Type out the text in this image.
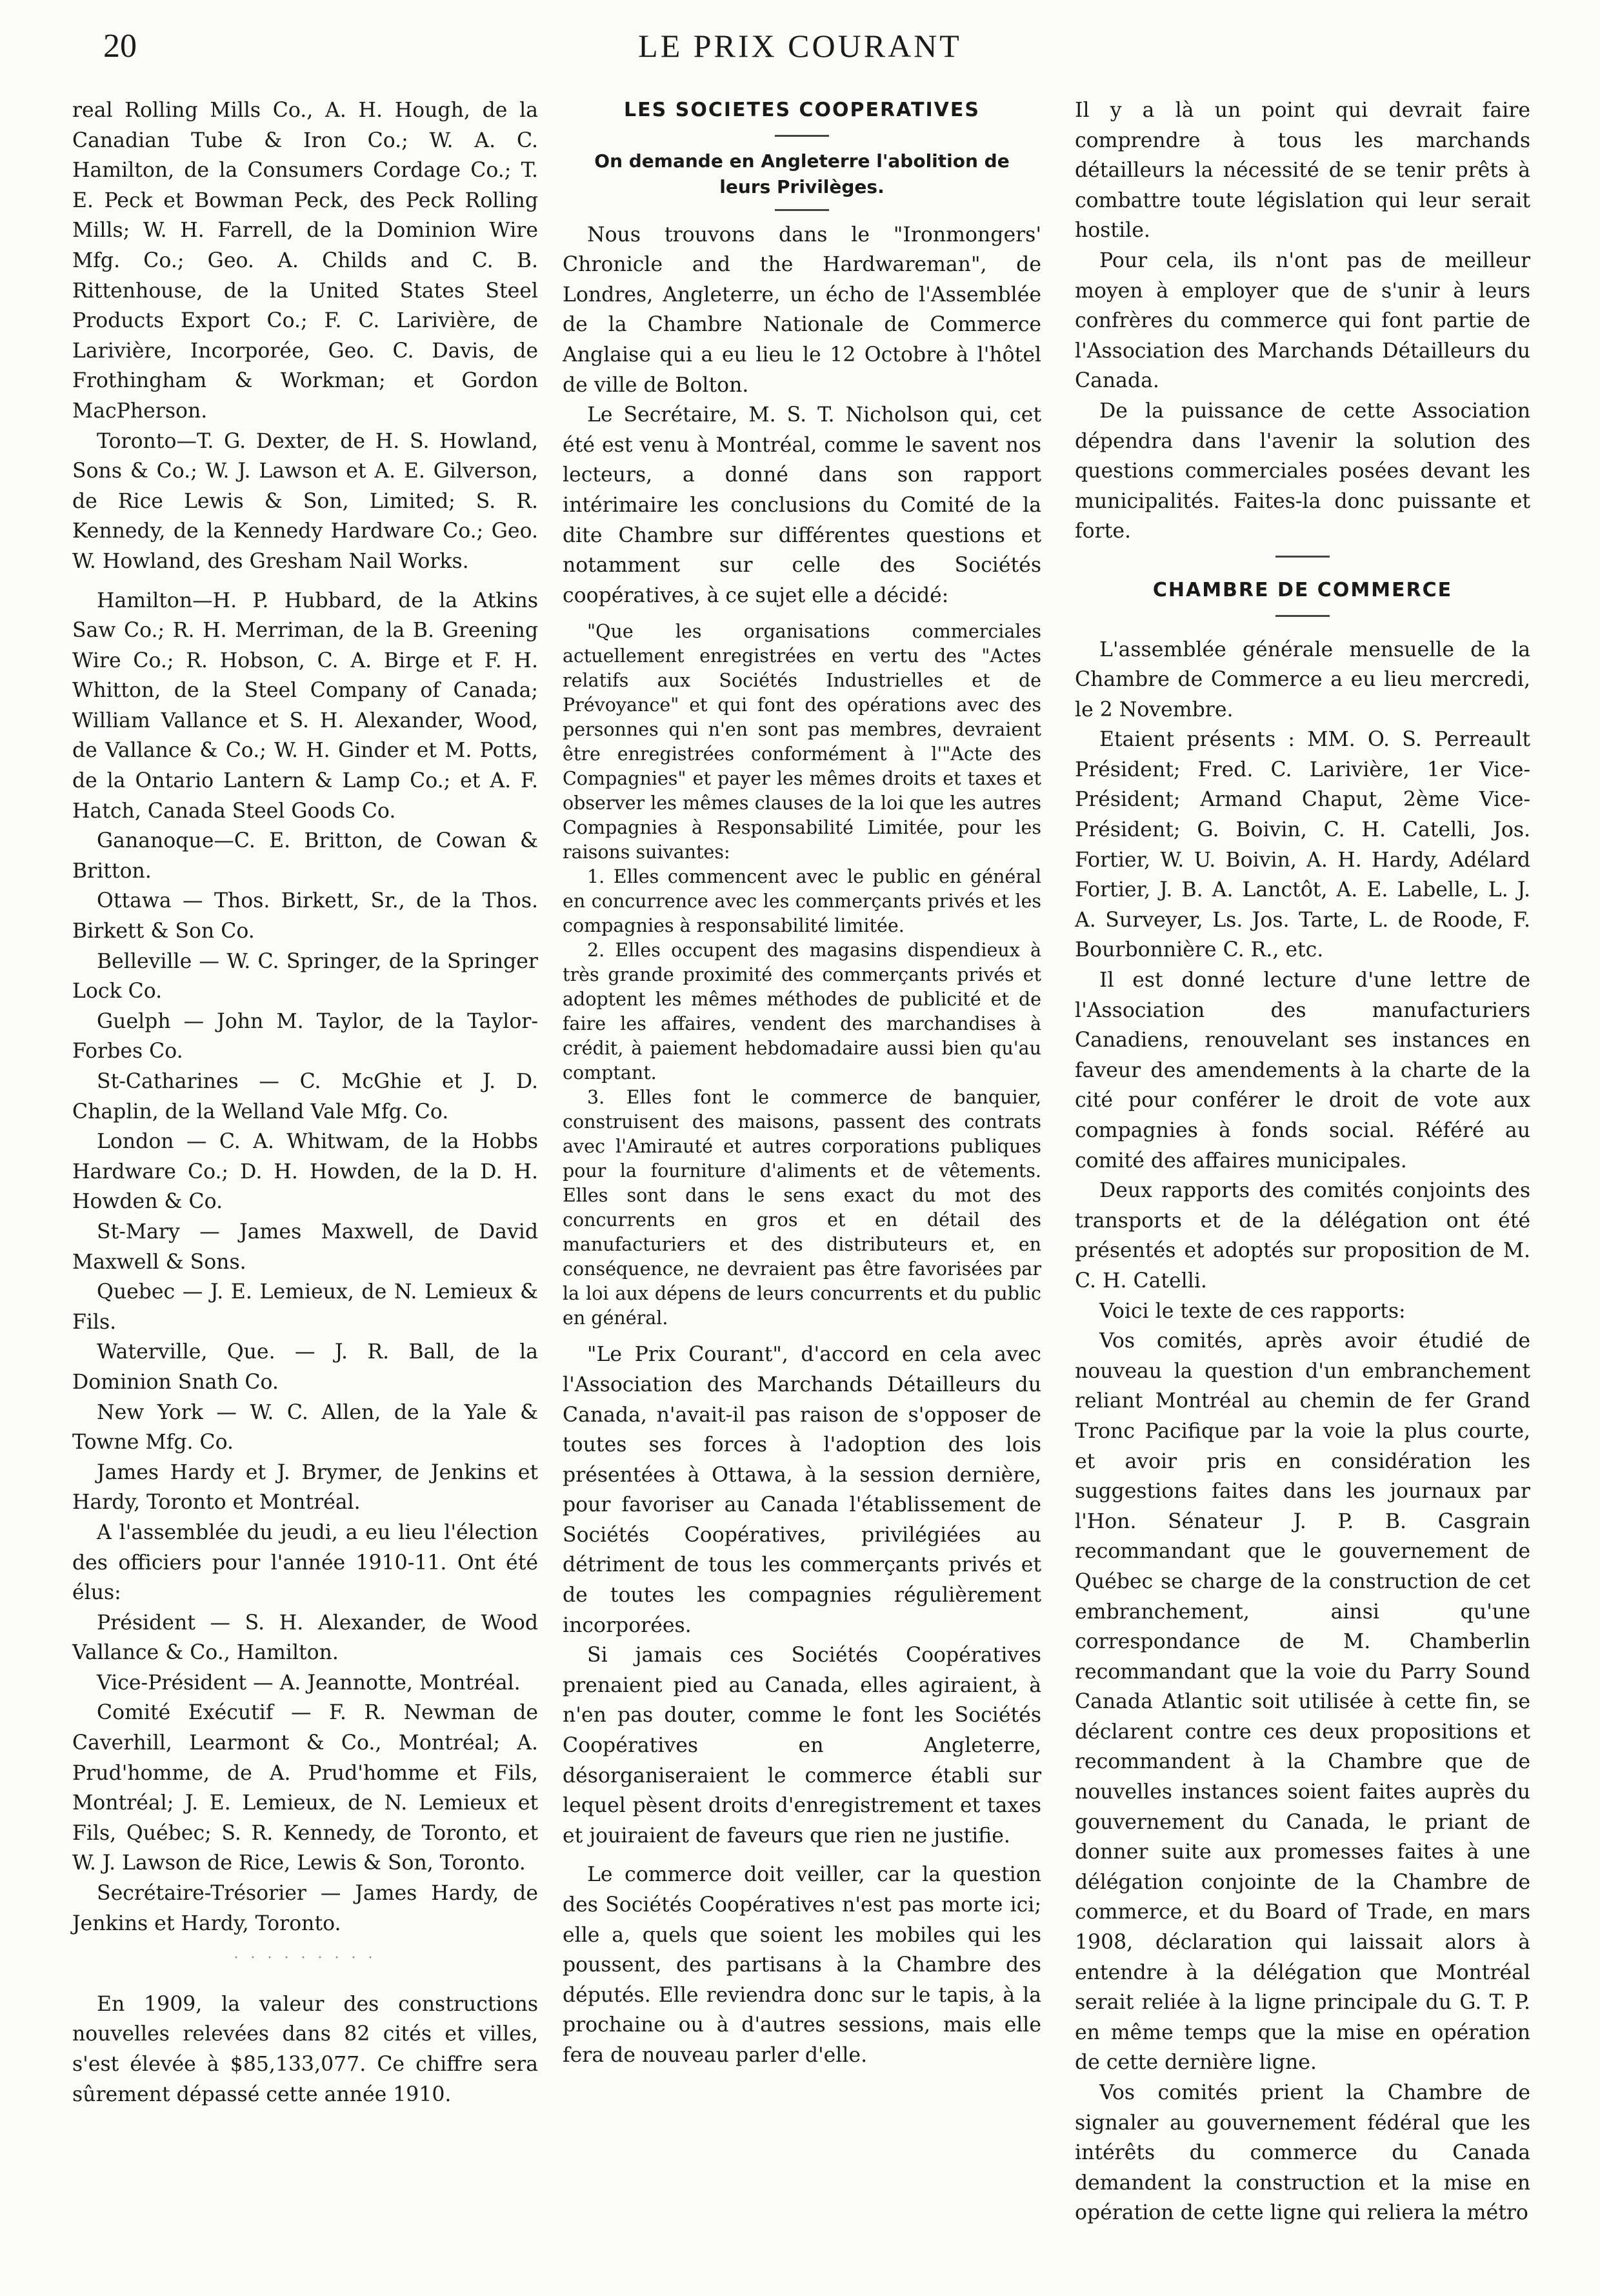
20	LE PRIX COURANT

real Rolling Mills Co., A. H. Hough, de la Canadian Tube & Iron Co.; W. A. C. Hamilton, de la Consumers Cordage Co.; T. E. Peck et Bowman Peck, des Peck Rolling Mills; W. H. Farrell, de la Dominion Wire Mfg. Co.; Geo. A. Childs and C. B. Rittenhouse, de la United States Steel Products Export Co.; F. C. Larivière, de Larivière, Incorporée, Geo. C. Davis, de Frothingham & Workman; et Gordon MacPherson.

Toronto—T. G. Dexter, de H. S. Howland, Sons & Co.; W. J. Lawson et A. E. Gilverson, de Rice Lewis & Son, Limited; S. R. Kennedy, de la Kennedy Hardware Co.; Geo. W. Howland, des Gresham Nail Works.

Hamilton—H. P. Hubbard, de la Atkins Saw Co.; R. H. Merriman, de la B. Greening Wire Co.; R. Hobson, C. A. Birge et F. H. Whitton, de la Steel Company of Canada; William Vallance et S. H. Alexander, Wood, de Vallance & Co.; W. H. Ginder et M. Potts, de la Ontario Lantern & Lamp Co.; et A. F. Hatch, Canada Steel Goods Co.

Gananoque—C. E. Britton, de Cowan & Britton.

Ottawa — Thos. Birkett, Sr., de la Thos. Birkett & Son Co.

Belleville — W. C. Springer, de la Springer Lock Co.

Guelph — John M. Taylor, de la Taylor-Forbes Co.

St-Catharines — C. McGhie et J. D. Chaplin, de la Welland Vale Mfg. Co.

London — C. A. Whitwam, de la Hobbs Hardware Co.; D. H. Howden, de la D. H. Howden & Co.

St-Mary — James Maxwell, de David Maxwell & Sons.

Quebec — J. E. Lemieux, de N. Lemieux & Fils.

Waterville, Que. — J. R. Ball, de la Dominion Snath Co.

New York — W. C. Allen, de la Yale & Towne Mfg. Co.

James Hardy et J. Brymer, de Jenkins et Hardy, Toronto et Montréal.

A l'assemblée du jeudi, a eu lieu l'élection des officiers pour l'année 1910-11. Ont été élus:

Président — S. H. Alexander, de Wood Vallance & Co., Hamilton.

Vice-Président — A. Jeannotte, Montréal.

Comité Exécutif — F. R. Newman de Caverhill, Learmont & Co., Montréal; A. Prud'homme, de A. Prud'homme et Fils, Montréal; J. E. Lemieux, de N. Lemieux et Fils, Québec; S. R. Kennedy, de Toronto, et W. J. Lawson de Rice, Lewis & Son, Toronto.

Secrétaire-Trésorier — James Hardy, de Jenkins et Hardy, Toronto.

· · · · · · · · ·

En 1909, la valeur des constructions nouvelles relevées dans 82 cités et villes, s'est élevée à $85,133,077. Ce chiffre sera sûrement dépassé cette année 1910.

LES SOCIETES COOPERATIVES
On demande en Angleterre l'abolition de leurs Privilèges.

Nous trouvons dans le "Ironmongers' Chronicle and the Hardwareman", de Londres, Angleterre, un écho de l'Assemblée de la Chambre Nationale de Commerce Anglaise qui a eu lieu le 12 Octobre à l'hôtel de ville de Bolton.

Le Secrétaire, M. S. T. Nicholson qui, cet été est venu à Montréal, comme le savent nos lecteurs, a donné dans son rapport intérimaire les conclusions du Comité de la dite Chambre sur différentes questions et notamment sur celle des Sociétés coopératives, à ce sujet elle a décidé:

"Que les organisations commerciales actuellement enregistrées en vertu des "Actes relatifs aux Sociétés Industrielles et de Prévoyance" et qui font des opérations avec des personnes qui n'en sont pas membres, devraient être enregistrées conformément à l'"Acte des Compagnies" et payer les mêmes droits et taxes et observer les mêmes clauses de la loi que les autres Compagnies à Responsabilité Limitée, pour les raisons suivantes:

1. Elles commencent avec le public en général en concurrence avec les commerçants privés et les compagnies à responsabilité limitée.

2. Elles occupent des magasins dispendieux à très grande proximité des commerçants privés et adoptent les mêmes méthodes de publicité et de faire les affaires, vendent des marchandises à crédit, à paiement hebdomadaire aussi bien qu'au comptant.

3. Elles font le commerce de banquier, construisent des maisons, passent des contrats avec l'Amirauté et autres corporations publiques pour la fourniture d'aliments et de vêtements. Elles sont dans le sens exact du mot des concurrents en gros et en détail des manufacturiers et des distributeurs et, en conséquence, ne devraient pas être favorisées par la loi aux dépens de leurs concurrents et du public en général.

"Le Prix Courant", d'accord en cela avec l'Association des Marchands Détailleurs du Canada, n'avait-il pas raison de s'opposer de toutes ses forces à l'adoption des lois présentées à Ottawa, à la session dernière, pour favoriser au Canada l'établissement de Sociétés Coopératives, privilégiées au détriment de tous les commerçants privés et de toutes les compagnies régulièrement incorporées.

Si jamais ces Sociétés Coopératives prenaient pied au Canada, elles agiraient, à n'en pas douter, comme le font les Sociétés Coopératives en Angleterre, désorganiseraient le commerce établi sur lequel pèsent droits d'enregistrement et taxes et jouiraient de faveurs que rien ne justifie.

Le commerce doit veiller, car la question des Sociétés Coopératives n'est pas morte ici; elle a, quels que soient les mobiles qui les poussent, des partisans à la Chambre des députés. Elle reviendra donc sur le tapis, à la prochaine ou à d'autres sessions, mais elle fera de nouveau parler d'elle.

Il y a là un point qui devrait faire comprendre à tous les marchands détailleurs la nécessité de se tenir prêts à combattre toute législation qui leur serait hostile.

Pour cela, ils n'ont pas de meilleur moyen à employer que de s'unir à leurs confrères du commerce qui font partie de l'Association des Marchands Détailleurs du Canada.

De la puissance de cette Association dépendra dans l'avenir la solution des questions commerciales posées devant les municipalités. Faites-la donc puissante et forte.

CHAMBRE DE COMMERCE

L'assemblée générale mensuelle de la Chambre de Commerce a eu lieu mercredi, le 2 Novembre.

Etaient présents : MM. O. S. Perreault Président; Fred. C. Larivière, 1er Vice-Président; Armand Chaput, 2ème Vice-Président; G. Boivin, C. H. Catelli, Jos. Fortier, W. U. Boivin, A. H. Hardy, Adélard Fortier, J. B. A. Lanctôt, A. E. Labelle, L. J. A. Surveyer, Ls. Jos. Tarte, L. de Roode, F. Bourbonnière C. R., etc.

Il est donné lecture d'une lettre de l'Association des manufacturiers Canadiens, renouvelant ses instances en faveur des amendements à la charte de la cité pour conférer le droit de vote aux compagnies à fonds social. Référé au comité des affaires municipales.

Deux rapports des comités conjoints des transports et de la délégation ont été présentés et adoptés sur proposition de M. C. H. Catelli.

Voici le texte de ces rapports:

Vos comités, après avoir étudié de nouveau la question d'un embranchement reliant Montréal au chemin de fer Grand Tronc Pacifique par la voie la plus courte, et avoir pris en considération les suggestions faites dans les journaux par l'Hon. Sénateur J. P. B. Casgrain recommandant que le gouvernement de Québec se charge de la construction de cet embranchement, ainsi qu'une correspondance de M. Chamberlin recommandant que la voie du Parry Sound Canada Atlantic soit utilisée à cette fin, se déclarent contre ces deux propositions et recommandent à la Chambre que de nouvelles instances soient faites auprès du gouvernement du Canada, le priant de donner suite aux promesses faites à une délégation conjointe de la Chambre de commerce, et du Board of Trade, en mars 1908, déclaration qui laissait alors à entendre à la délégation que Montréal serait reliée à la ligne principale du G. T. P. en même temps que la mise en opération de cette dernière ligne.

Vos comités prient la Chambre de signaler au gouvernement fédéral que les intérêts du commerce du Canada demandent la construction et la mise en opération de cette ligne qui reliera la métro
